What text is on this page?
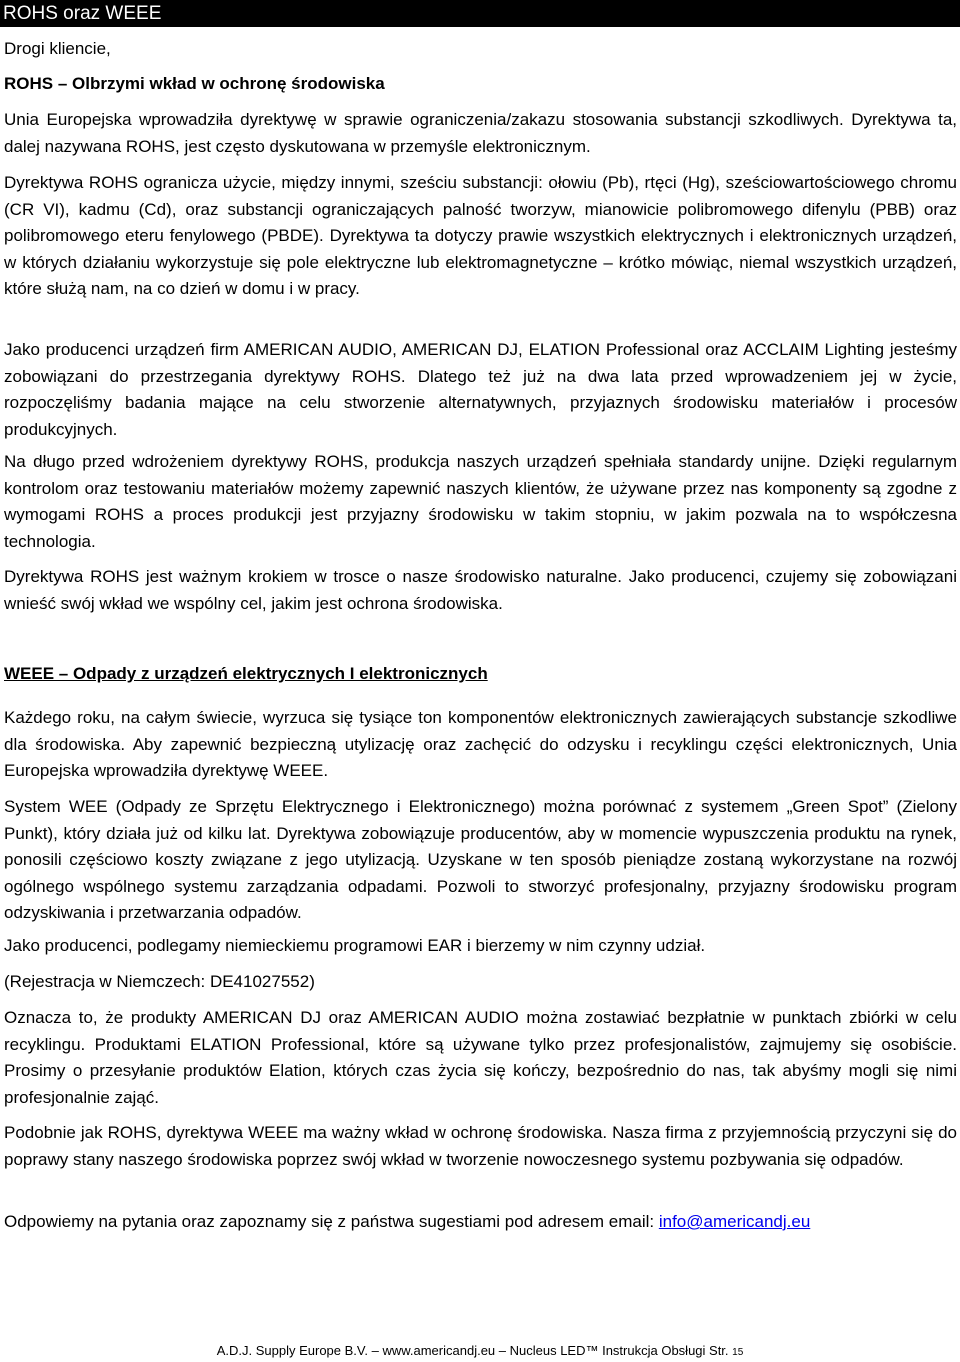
ROHS oraz WEEE

Drogi kliencie,

ROHS – Olbrzymi wkład w ochronę środowiska

Unia Europejska wprowadziła dyrektywę w sprawie ograniczenia/zakazu stosowania substancji szkodliwych. Dyrektywa ta, dalej nazywana ROHS, jest często dyskutowana w przemyśle elektronicznym.

Dyrektywa ROHS ogranicza użycie, między innymi, sześciu substancji: ołowiu (Pb), rtęci (Hg), sześciowartościowego chromu (CR VI), kadmu (Cd), oraz substancji ograniczających palność tworzyw, mianowicie polibromowego difenylu (PBB) oraz polibromowego eteru fenylowego (PBDE). Dyrektywa ta dotyczy prawie wszystkich elektrycznych i elektronicznych urządzeń, w których działaniu wykorzystuje się pole elektryczne lub elektromagnetyczne – krótko mówiąc, niemal wszystkich urządzeń, które służą nam, na co dzień w domu i w pracy.

Jako producenci urządzeń firm AMERICAN AUDIO, AMERICAN DJ, ELATION Professional oraz ACCLAIM Lighting jesteśmy zobowiązani do przestrzegania dyrektywy ROHS. Dlatego też już na dwa lata przed wprowadzeniem jej w życie, rozpoczęliśmy badania mające na celu stworzenie alternatywnych, przyjaznych środowisku materiałów i procesów produkcyjnych.

Na długo przed wdrożeniem dyrektywy ROHS, produkcja naszych urządzeń spełniała standardy unijne. Dzięki regularnym kontrolom oraz testowaniu materiałów możemy zapewnić naszych klientów, że używane przez nas komponenty są zgodne z wymogami ROHS a proces produkcji jest przyjazny środowisku w takim stopniu, w jakim pozwala na to współczesna technologia.

Dyrektywa ROHS jest ważnym krokiem w trosce o nasze środowisko naturalne. Jako producenci, czujemy się zobowiązani wnieść swój wkład we wspólny cel, jakim jest ochrona środowiska.

WEEE – Odpady z urządzeń elektrycznych I elektronicznych

Każdego roku, na całym świecie, wyrzuca się tysiące ton komponentów elektronicznych zawierających substancje szkodliwe dla środowiska. Aby zapewnić bezpieczną utylizację oraz zachęcić do odzysku i recyklingu części elektronicznych, Unia Europejska wprowadziła dyrektywę WEEE.

System WEE (Odpady ze Sprzętu Elektrycznego i Elektronicznego) można porównać z systemem „Green Spot” (Zielony Punkt), który działa już od kilku lat. Dyrektywa zobowiązuje producentów, aby w momencie wypuszczenia produktu na rynek, ponosili częściowo koszty związane z jego utylizacją. Uzyskane w ten sposób pieniądze zostaną wykorzystane na rozwój ogólnego wspólnego systemu zarządzania odpadami. Pozwoli to stworzyć profesjonalny, przyjazny środowisku program odzyskiwania i przetwarzania odpadów.

Jako producenci, podlegamy niemieckiemu programowi EAR i bierzemy w nim czynny udział.

(Rejestracja w Niemczech: DE41027552)

Oznacza to, że produkty AMERICAN DJ oraz AMERICAN AUDIO można zostawiać bezpłatnie w punktach zbiórki w celu recyklingu. Produktami ELATION Professional, które są używane tylko przez profesjonalistów, zajmujemy się osobiście. Prosimy o przesyłanie produktów Elation, których czas życia się kończy, bezpośrednio do nas, tak abyśmy mogli się nimi profesjonalnie zająć.

Podobnie jak ROHS, dyrektywa WEEE ma ważny wkład w ochronę środowiska. Nasza firma z przyjemnością przyczyni się do poprawy stany naszego środowiska poprzez swój wkład w tworzenie nowoczesnego systemu pozbywania się odpadów.

Odpowiemy na pytania oraz zapoznamy się z państwa sugestiami pod adresem email: info@americandj.eu

A.D.J. Supply Europe B.V. – www.americandj.eu – Nucleus LED™ Instrukcja Obsługi Str. 15
